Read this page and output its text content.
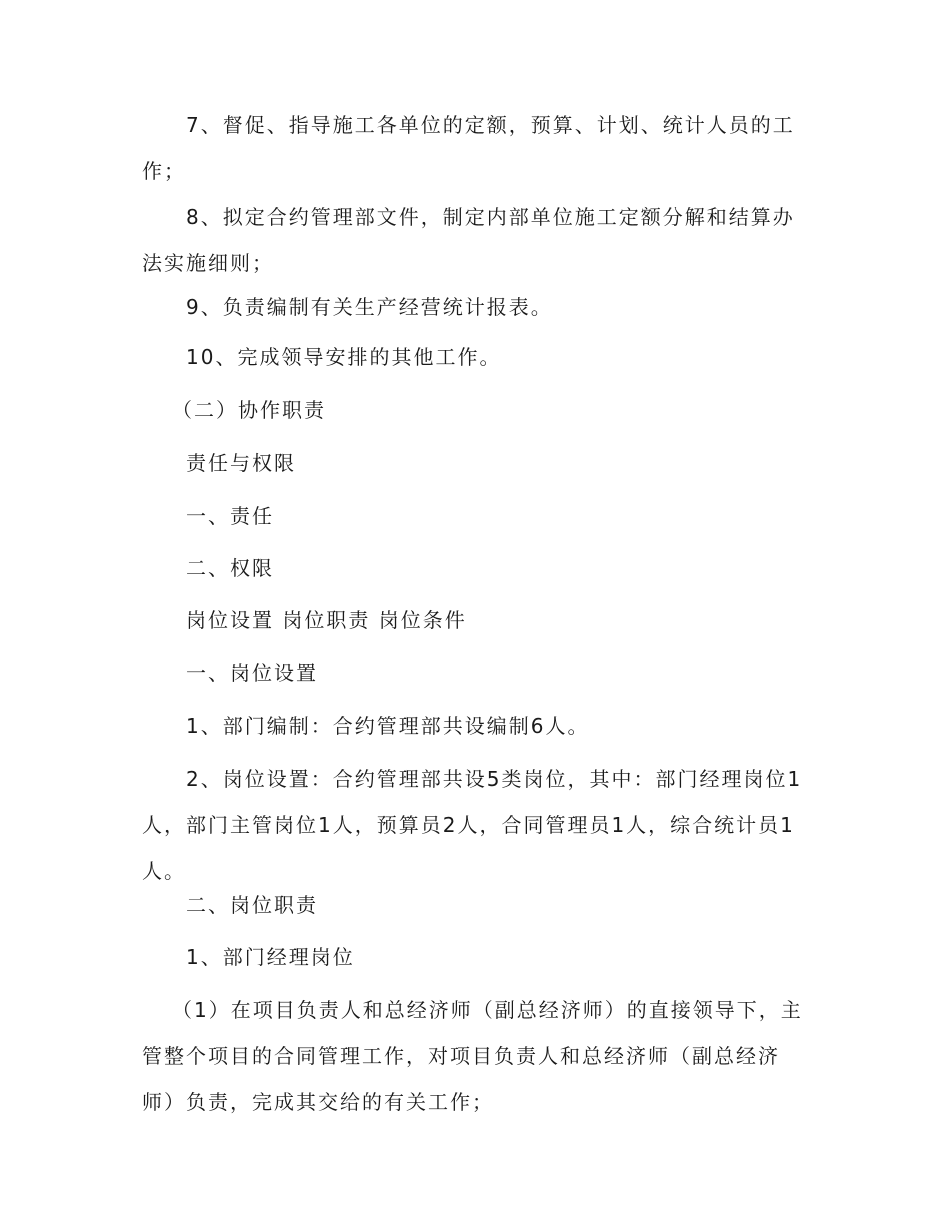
7、督促、指导施工各单位的定额，预算、计划、统计人员的工作；

8、拟定合约管理部文件，制定内部单位施工定额分解和结算办法实施细则；

9、负责编制有关生产经营统计报表。

10、完成领导安排的其他工作。

（二）协作职责

责任与权限

一、责任

二、权限

岗位设置 岗位职责 岗位条件

一、岗位设置

1、部门编制：合约管理部共设编制6人。

2、岗位设置：合约管理部共设5类岗位，其中：部门经理岗位1人，部门主管岗位1人，预算员2人，合同管理员1人，综合统计员1人。

二、岗位职责

1、部门经理岗位

（1）在项目负责人和总经济师（副总经济师）的直接领导下，主管整个项目的合同管理工作，对项目负责人和总经济师（副总经济师）负责，完成其交给的有关工作；
